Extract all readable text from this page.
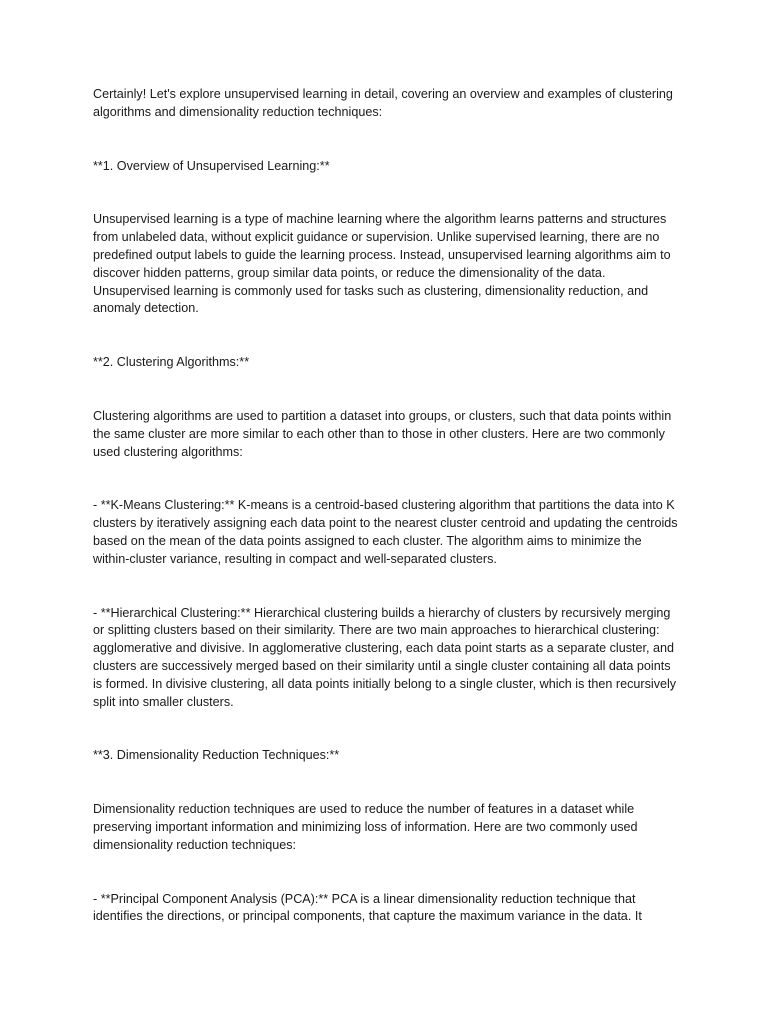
Certainly! Let's explore unsupervised learning in detail, covering an overview and examples of clustering algorithms and dimensionality reduction techniques:

**1. Overview of Unsupervised Learning:**

Unsupervised learning is a type of machine learning where the algorithm learns patterns and structures from unlabeled data, without explicit guidance or supervision. Unlike supervised learning, there are no predefined output labels to guide the learning process. Instead, unsupervised learning algorithms aim to discover hidden patterns, group similar data points, or reduce the dimensionality of the data. Unsupervised learning is commonly used for tasks such as clustering, dimensionality reduction, and anomaly detection.

**2. Clustering Algorithms:**

Clustering algorithms are used to partition a dataset into groups, or clusters, such that data points within the same cluster are more similar to each other than to those in other clusters. Here are two commonly used clustering algorithms:

- **K-Means Clustering:** K-means is a centroid-based clustering algorithm that partitions the data into K clusters by iteratively assigning each data point to the nearest cluster centroid and updating the centroids based on the mean of the data points assigned to each cluster. The algorithm aims to minimize the within-cluster variance, resulting in compact and well-separated clusters.

- **Hierarchical Clustering:** Hierarchical clustering builds a hierarchy of clusters by recursively merging or splitting clusters based on their similarity. There are two main approaches to hierarchical clustering: agglomerative and divisive. In agglomerative clustering, each data point starts as a separate cluster, and clusters are successively merged based on their similarity until a single cluster containing all data points is formed. In divisive clustering, all data points initially belong to a single cluster, which is then recursively split into smaller clusters.

**3. Dimensionality Reduction Techniques:**

Dimensionality reduction techniques are used to reduce the number of features in a dataset while preserving important information and minimizing loss of information. Here are two commonly used dimensionality reduction techniques:

- **Principal Component Analysis (PCA):** PCA is a linear dimensionality reduction technique that identifies the directions, or principal components, that capture the maximum variance in the data. It
